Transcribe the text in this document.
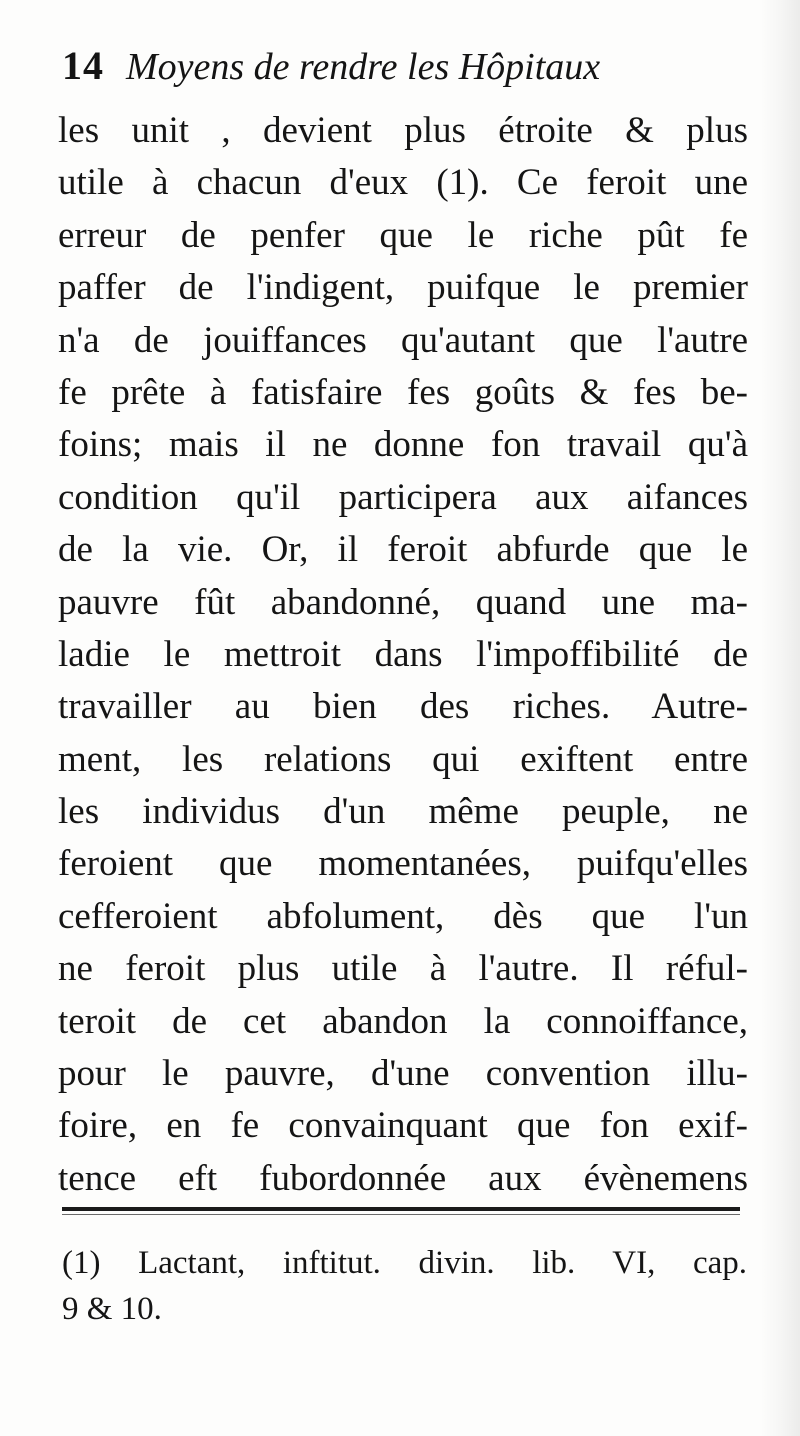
14 Moyens de rendre les Hôpitaux
les unit , devient plus étroite & plus
utile à chacun d'eux (1). Ce feroit une
erreur de penfer que le riche pût fe
paffer de l'indigent, puifque le premier
n'a de jouiffances qu'autant que l'autre
fe prête à fatisfaire fes goûts & fes be-
foins; mais il ne donne fon travail qu'à
condition qu'il participera aux aifances
de la vie. Or, il feroit abfurde que le
pauvre fût abandonné, quand une ma-
ladie le mettroit dans l'impoffibilité de
travailler au bien des riches. Autre-
ment, les relations qui exiftent entre
les individus d'un même peuple, ne
feroient que momentanées, puifqu'elles
cefferoient abfolument, dès que l'un
ne feroit plus utile à l'autre. Il réful-
teroit de cet abandon la connoiffance,
pour le pauvre, d'une convention illu-
foire, en fe convainquant que fon exif-
tence eft fubordonnée aux évènemens
(1) Lactant, inftitut. divin. lib. VI, cap.
9 & 10.
